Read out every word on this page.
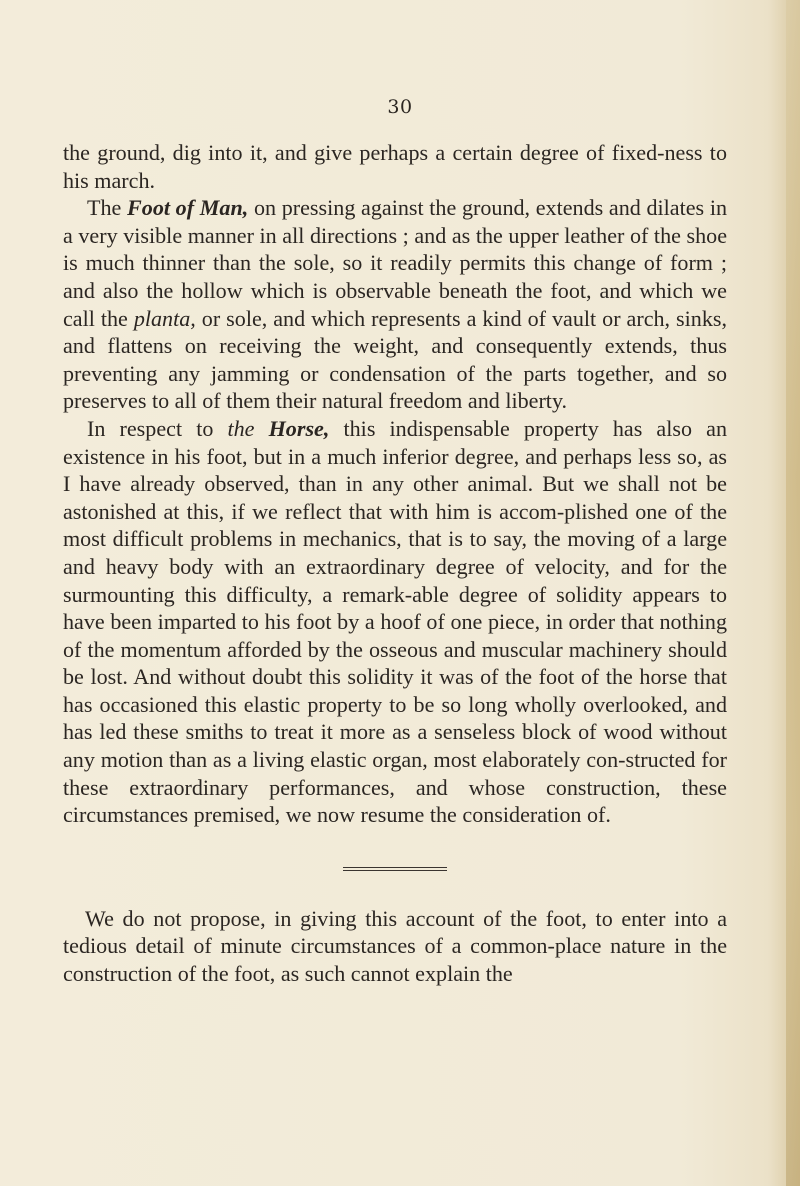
30

the ground, dig into it, and give perhaps a certain degree of fixed-ness to his march.

The Foot of Man, on pressing against the ground, extends and dilates in a very visible manner in all directions ; and as the upper leather of the shoe is much thinner than the sole, so it readily permits this change of form ; and also the hollow which is observable beneath the foot, and which we call the planta, or sole, and which represents a kind of vault or arch, sinks, and flattens on receiving the weight, and consequently extends, thus preventing any jamming or condensation of the parts together, and so preserves to all of them their natural freedom and liberty.

In respect to the Horse, this indispensable property has also an existence in his foot, but in a much inferior degree, and perhaps less so, as I have already observed, than in any other animal. But we shall not be astonished at this, if we reflect that with him is accom-plished one of the most difficult problems in mechanics, that is to say, the moving of a large and heavy body with an extraordinary degree of velocity, and for the surmounting this difficulty, a remark-able degree of solidity appears to have been imparted to his foot by a hoof of one piece, in order that nothing of the momentum afforded by the osseous and muscular machinery should be lost. And without doubt this solidity it was of the foot of the horse that has occasioned this elastic property to be so long wholly overlooked, and has led these smiths to treat it more as a senseless block of wood without any motion than as a living elastic organ, most elaborately con-structed for these extraordinary performances, and whose construction, these circumstances premised, we now resume the consideration of.

We do not propose, in giving this account of the foot, to enter into a tedious detail of minute circumstances of a common-place nature in the construction of the foot, as such cannot explain the
